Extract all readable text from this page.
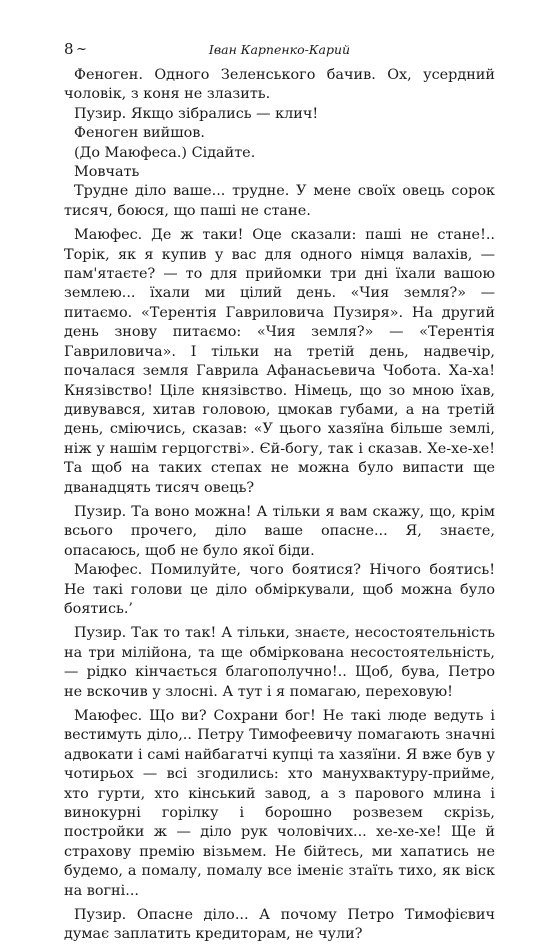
8 ~	Іван Карпенко-Карий

Феноген. Одного Зеленського бачив. Ох, усердний чоловік, з коня не злазить.

Пузир. Якщо зібрались — клич!

Феноген вийшов.

(До Маюфеса.) Сідайте.

Мовчать

Трудне діло ваше... трудне. У мене своїх овець сорок тисяч, боюся, що паші не стане.

Маюфес. Де ж таки! Оце сказали: паші не стане!.. Торік, як я купив у вас для одного німця валахів, — пам'ятаєте? — то для прийомки три дні їхали вашою землею... їхали ми цілий день. «Чия земля?» — питаємо. «Терентія Гавриловича Пузиря». На другий день знову питаємо: «Чия земля?» — «Терентія Гавриловича». І тільки на третій день, надвечір, почалася земля Гаврила Афанасьевича Чобота. Ха-ха! Князівство! Ціле князівство. Німець, що зо мною їхав, дивувався, хитав головою, цмокав губами, а на третій день, сміючись, сказав: «У цього хазяїна більше землі, ніж у нашім герцогстві». Єй-богу, так і сказав. Хе-хе-хе! Та щоб на таких степах не можна було випасти ще дванадцять тисяч овець?

Пузир. Та воно можна! А тільки я вам скажу, що, крім всього прочего, діло ваше опасне... Я, знаєте, опасаюсь, щоб не було якої біди.

Маюфес. Помилуйте, чого боятися? Нічого боятись! Не такі голови це діло обміркували, щоб можна було боятись.’

Пузир. Так то так! А тільки, знаєте, несостоятельність на три мілійона, та ще обміркована несостоятельність, — рідко кінчається благополучно!.. Щоб, бува, Петро не вскочив у злосні. А тут і я помагаю, переховую!

Маюфес. Що ви? Сохрани бог! Не такі люде ведуть і вестимуть діло,.. Петру Тимофеевичу помагають значні адвокати і самі найбагатчі купці та хазяїни. Я вже був у чотирьох — всі згодились: хто манухвактуру-прийме, хто гурти, хто кінський завод, а з парового млина і винокурні горілку і борошно розвезем скрізь, постройки ж — діло рук чоловічих... хе-хе-хе! Ще й страхову премію візьмем. Не бійтесь, ми хапатись не будемо, а помалу, помалу все іменіє зтаїть тихо, як віск на вогні...

Пузир. Опасне діло... А почому Петро Тимофієвич думає заплатить кредиторам, не чули?
